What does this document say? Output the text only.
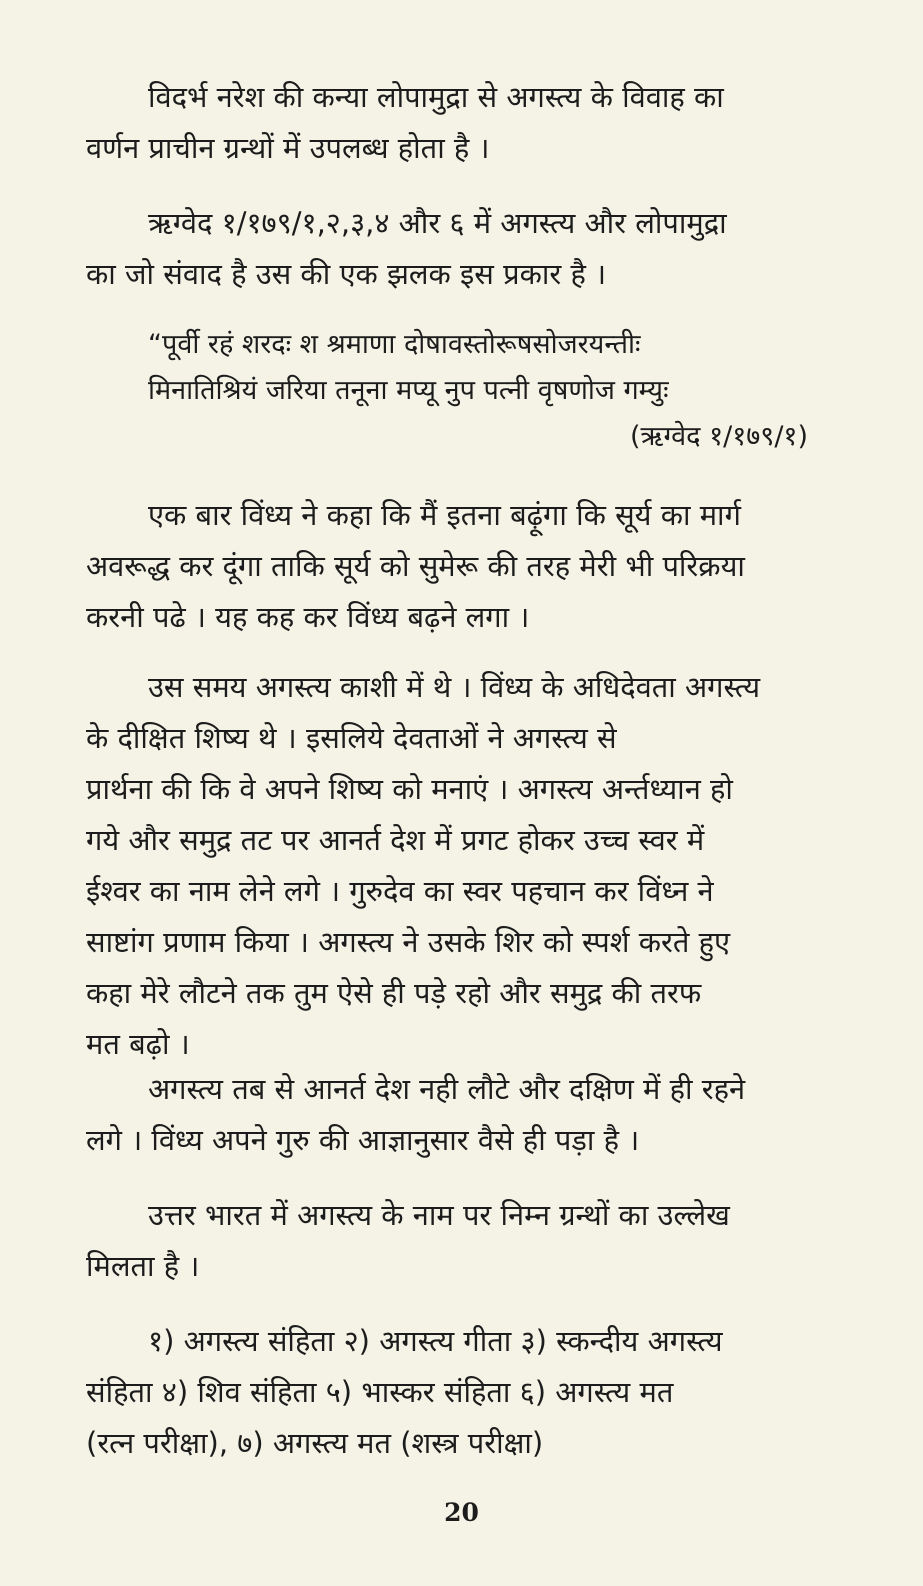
विदर्भ नरेश की कन्या लोपामुद्रा से अगस्त्य के विवाह का
वर्णन प्राचीन ग्रन्थों में उपलब्ध होता है ।

ऋग्वेद १/१७९/१,२,३,४ और ६ में अगस्त्य और लोपामुद्रा
का जो संवाद है उस की एक झलक इस प्रकार है ।

“पूर्वी रहं शरदः श श्रमाणा दोषावस्तोरूषसोजरयन्तीः
मिनातिश्रियं जरिया तनूना मप्यू नुप पत्नी वृषणोज गम्युः
(ऋग्वेद १/१७९/१)

एक बार विंध्य ने कहा कि मैं इतना बढ़ूंगा कि सूर्य का मार्ग
अवरूद्ध कर दूंगा ताकि सूर्य को सुमेरू की तरह मेरी भी परिक्रया
करनी पढे । यह कह कर विंध्य बढ़ने लगा ।

उस समय अगस्त्य काशी में थे । विंध्य के अधिदेवता अगस्त्य
के दीक्षित शिष्य थे । इसलिये देवताओं ने अगस्त्य से
प्रार्थना की कि वे अपने शिष्य को मनाएं । अगस्त्य अर्न्तध्यान हो
गये और समुद्र तट पर आनर्त देश में प्रगट होकर उच्च स्वर में
ईश्वर का नाम लेने लगे । गुरुदेव का स्वर पहचान कर विंध्न ने
साष्टांग प्रणाम किया । अगस्त्य ने उसके शिर को स्पर्श करते हुए
कहा मेरे लौटने तक तुम ऐसे ही पड़े रहो और समुद्र की तरफ
मत बढ़ो ।

अगस्त्य तब से आनर्त देश नही लौटे और दक्षिण में ही रहने
लगे । विंध्य अपने गुरु की आज्ञानुसार वैसे ही पड़ा है ।

उत्तर भारत में अगस्त्य के नाम पर निम्न ग्रन्थों का उल्लेख
मिलता है ।

१) अगस्त्य संहिता २) अगस्त्य गीता ३) स्कन्दीय अगस्त्य
संहिता ४) शिव संहिता ५) भास्कर संहिता ६) अगस्त्य मत
(रत्न परीक्षा), ७) अगस्त्य मत (शस्त्र परीक्षा)

20
